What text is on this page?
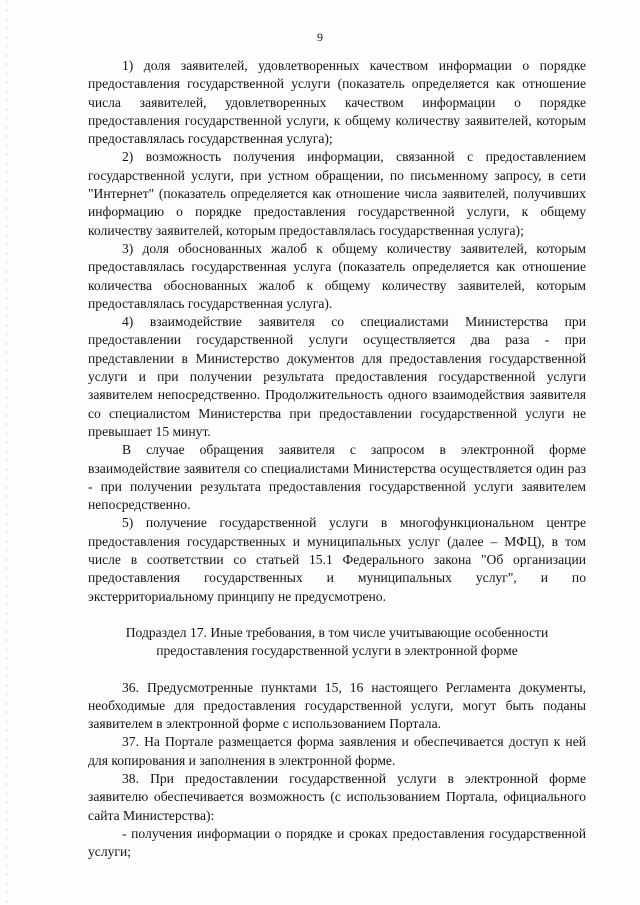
9

1) доля заявителей, удовлетворенных качеством информации о порядке предоставления государственной услуги (показатель определяется как отношение числа заявителей, удовлетворенных качеством информации о порядке предоставления государственной услуги, к общему количеству заявителей, которым предоставлялась государственная услуга);

2) возможность получения информации, связанной с предоставлением государственной услуги, при устном обращении, по письменному запросу, в сети "Интернет" (показатель определяется как отношение числа заявителей, получивших информацию о порядке предоставления государственной услуги, к общему количеству заявителей, которым предоставлялась государственная услуга);

3) доля обоснованных жалоб к общему количеству заявителей, которым предоставлялась государственная услуга (показатель определяется как отношение количества обоснованных жалоб к общему количеству заявителей, которым предоставлялась государственная услуга).

4) взаимодействие заявителя со специалистами Министерства при предоставлении государственной услуги осуществляется два раза - при представлении в Министерство документов для предоставления государственной услуги и при получении результата предоставления государственной услуги заявителем непосредственно. Продолжительность одного взаимодействия заявителя со специалистом Министерства при предоставлении государственной услуги не превышает 15 минут.

В случае обращения заявителя с запросом в электронной форме взаимодействие заявителя со специалистами Министерства осуществляется один раз - при получении результата предоставления государственной услуги заявителем непосредственно.

5) получение государственной услуги в многофункциональном центре предоставления государственных и муниципальных услуг (далее – МФЦ), в том числе в соответствии со статьей 15.1 Федерального закона "Об организации предоставления государственных и муниципальных услуг", и по экстерриториальному принципу не предусмотрено.

Подраздел 17. Иные требования, в том числе учитывающие особенности предоставления государственной услуги в электронной форме

36. Предусмотренные пунктами 15, 16 настоящего Регламента документы, необходимые для предоставления государственной услуги, могут быть поданы заявителем в электронной форме с использованием Портала.

37. На Портале размещается форма заявления и обеспечивается доступ к ней для копирования и заполнения в электронной форме.

38. При предоставлении государственной услуги в электронной форме заявителю обеспечивается возможность (с использованием Портала, официального сайта Министерства):

- получения информации о порядке и сроках предоставления государственной услуги;
